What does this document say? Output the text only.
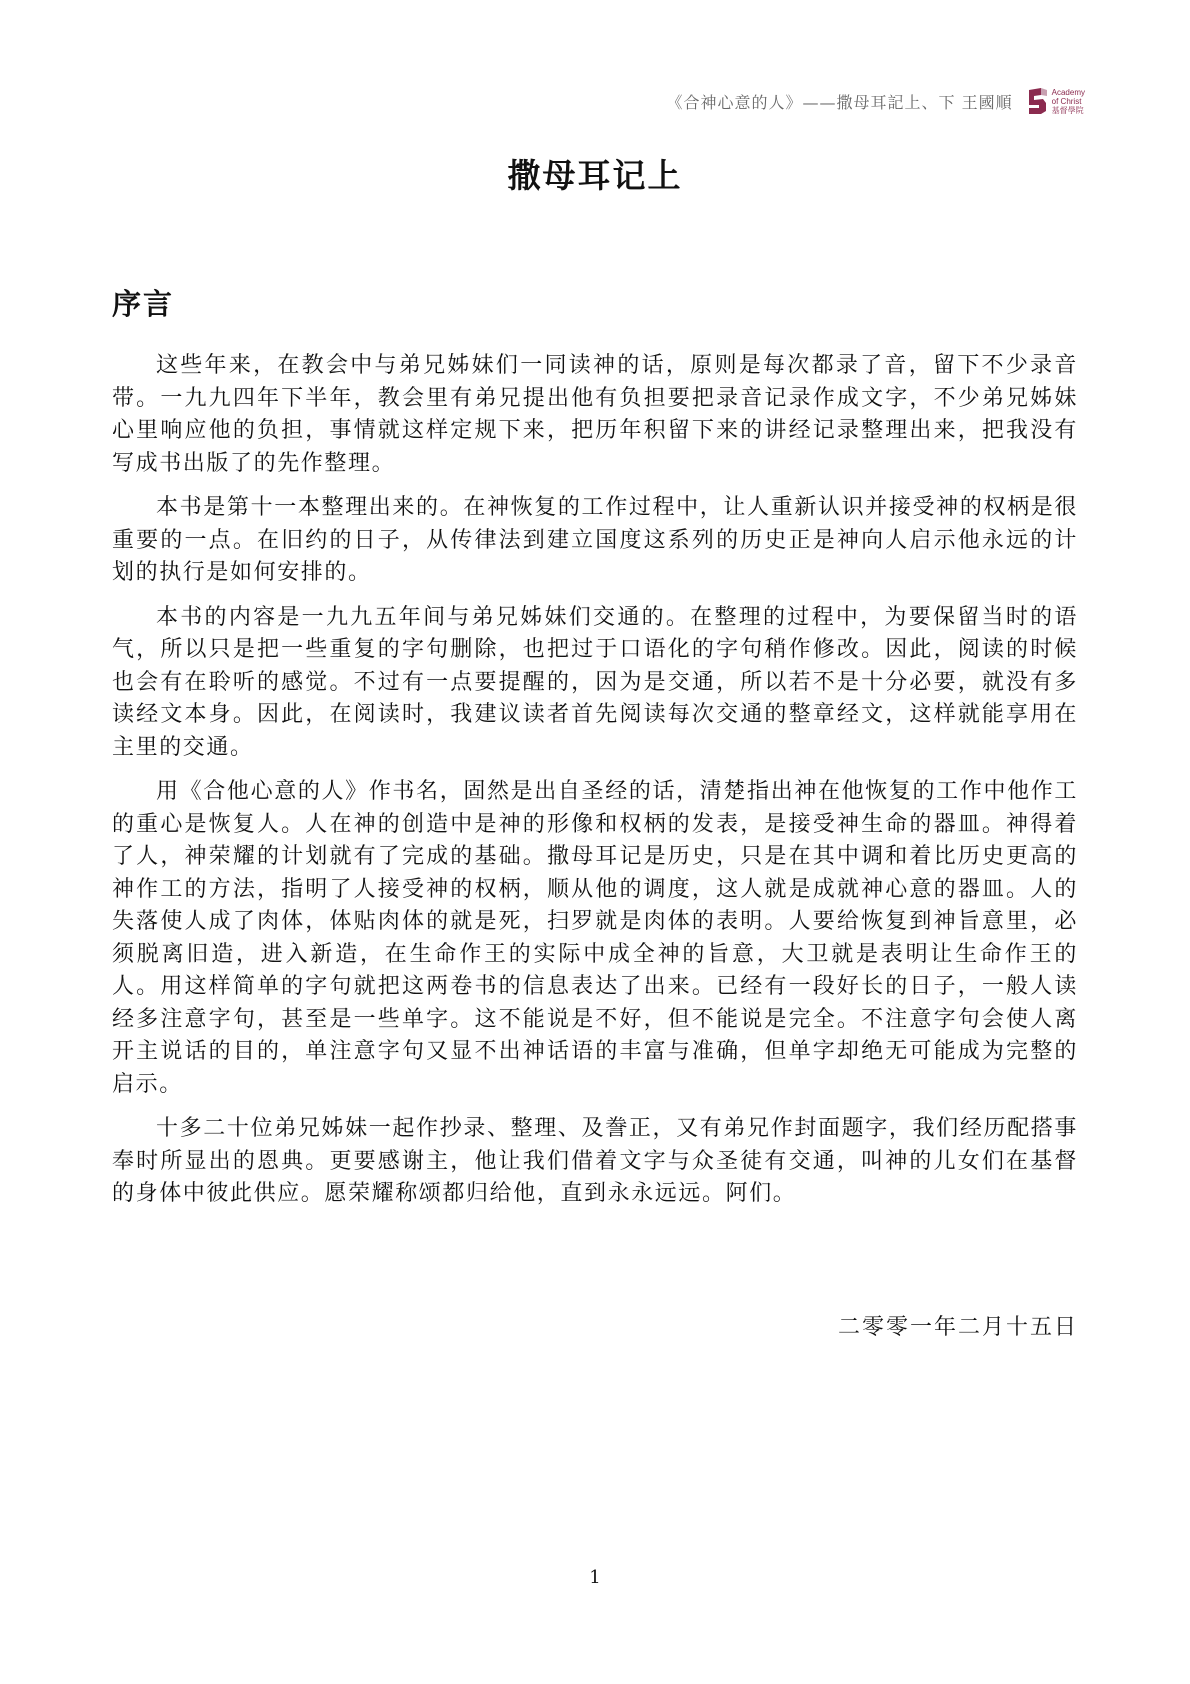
《合神心意的人》——撒母耳記上、下 王國順
Academy
of Christ
基督學院
撒母耳记上
序言

这些年来，在教会中与弟兄姊妹们一同读神的话，原则是每次都录了音，留下不少录音带。一九九四年下半年，教会里有弟兄提出他有负担要把录音记录作成文字，不少弟兄姊妹心里响应他的负担，事情就这样定规下来，把历年积留下来的讲经记录整理出来，把我没有写成书出版了的先作整理。

本书是第十一本整理出来的。在神恢复的工作过程中，让人重新认识并接受神的权柄是很重要的一点。在旧约的日子，从传律法到建立国度这系列的历史正是神向人启示他永远的计划的执行是如何安排的。

本书的内容是一九九五年间与弟兄姊妹们交通的。在整理的过程中，为要保留当时的语气，所以只是把一些重复的字句删除，也把过于口语化的字句稍作修改。因此，阅读的时候也会有在聆听的感觉。不过有一点要提醒的，因为是交通，所以若不是十分必要，就没有多读经文本身。因此，在阅读时，我建议读者首先阅读每次交通的整章经文，这样就能享用在主里的交通。

用《合他心意的人》作书名，固然是出自圣经的话，清楚指出神在他恢复的工作中他作工的重心是恢复人。人在神的创造中是神的形像和权柄的发表，是接受神生命的器皿。神得着了人，神荣耀的计划就有了完成的基础。撒母耳记是历史，只是在其中调和着比历史更高的神作工的方法，指明了人接受神的权柄，顺从他的调度，这人就是成就神心意的器皿。人的失落使人成了肉体，体贴肉体的就是死，扫罗就是肉体的表明。人要给恢复到神旨意里，必须脱离旧造，进入新造，在生命作王的实际中成全神的旨意，大卫就是表明让生命作王的人。用这样简单的字句就把这两卷书的信息表达了出来。已经有一段好长的日子，一般人读经多注意字句，甚至是一些单字。这不能说是不好，但不能说是完全。不注意字句会使人离开主说话的目的，单注意字句又显不出神话语的丰富与准确，但单字却绝无可能成为完整的启示。

十多二十位弟兄姊妹一起作抄录、整理、及誊正，又有弟兄作封面题字，我们经历配搭事奉时所显出的恩典。更要感谢主，他让我们借着文字与众圣徒有交通，叫神的儿女们在基督的身体中彼此供应。愿荣耀称颂都归给他，直到永永远远。阿们。

二零零一年二月十五日
1
